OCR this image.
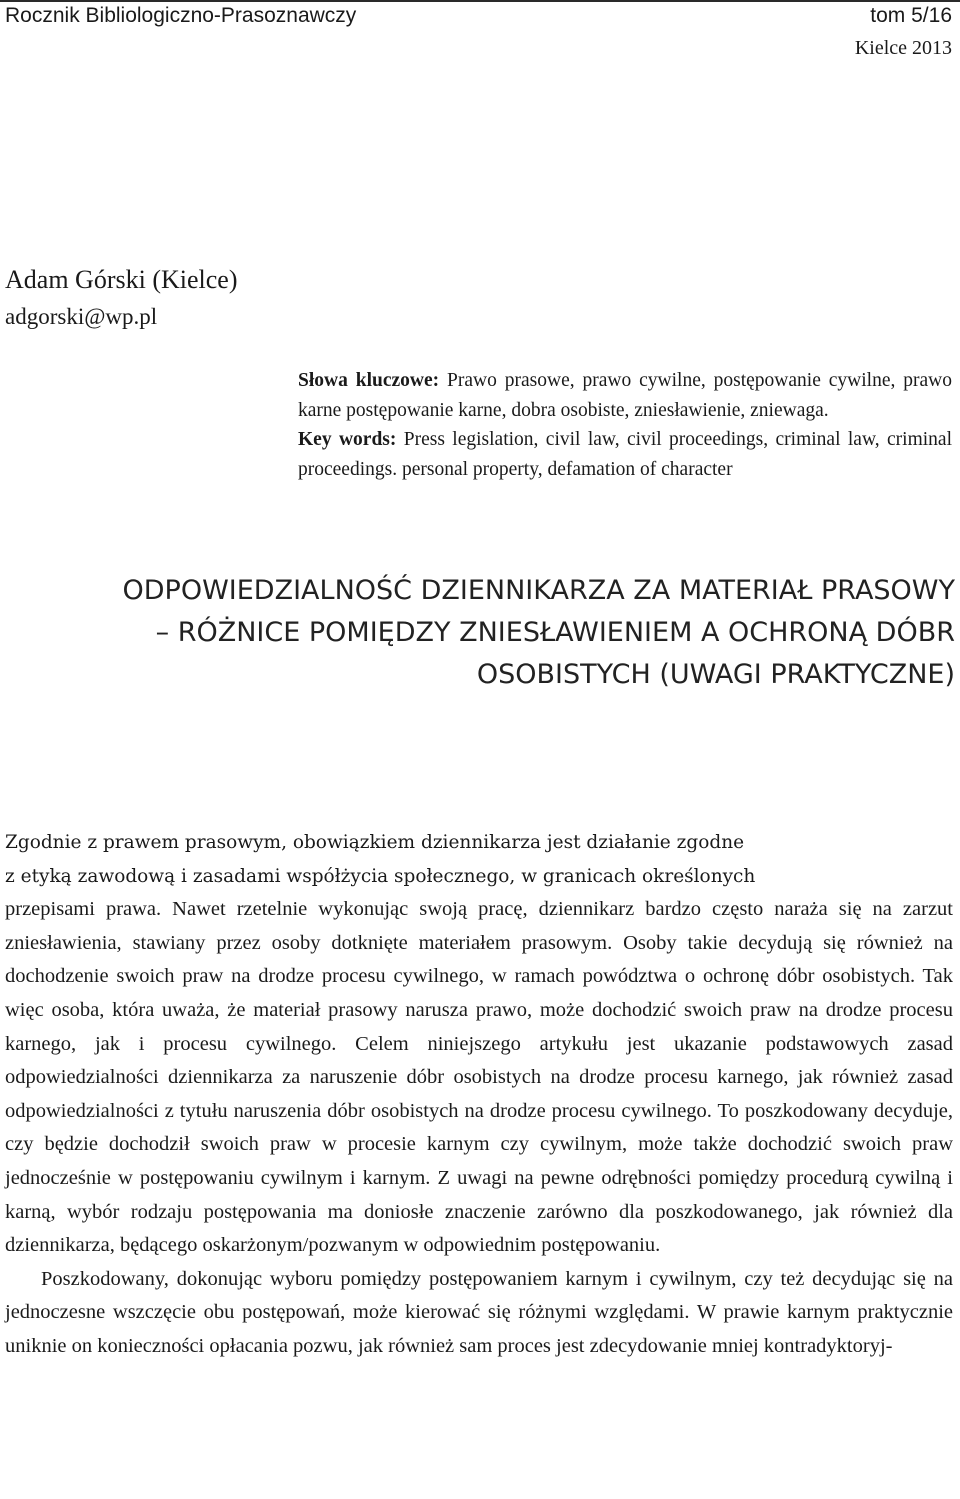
Rocznik Bibliologiczno-Prasoznawczy	tom 5/16
Kielce 2013
Adam Górski (Kielce)
adgorski@wp.pl

Słowa kluczowe: Prawo prasowe, prawo cywilne, postępowanie cywilne, prawo karne postępowanie karne, dobra osobiste, zniesławienie, zniewaga.

Key words: Press legislation, civil law, civil proceedings, criminal law, criminal proceedings. personal property, defamation of character

ODPOWIEDZIALNOŚĆ DZIENNIKARZA ZA MATERIAŁ PRASOWY
– RÓŻNICE POMIĘDZY ZNIESŁAWIENIEM A OCHRONĄ DÓBR
OSOBISTYCH (UWAGI PRAKTYCZNE)

Zgodnie z prawem prasowym, obowiązkiem dziennikarza jest działanie zgodne
z etyką zawodową i zasadami współżycia społecznego, w granicach określonych

przepisami prawa. Nawet rzetelnie wykonując swoją pracę, dziennikarz bardzo często naraża się na zarzut zniesławienia, stawiany przez osoby dotknięte materiałem prasowym. Osoby takie decydują się również na dochodzenie swoich praw na drodze procesu cywilnego, w ramach powództwa o ochronę dóbr osobistych. Tak więc osoba, która uważa, że materiał prasowy narusza prawo, może dochodzić swoich praw na drodze procesu karnego, jak i procesu cywilnego. Celem niniejszego artykułu jest ukazanie podstawowych zasad odpowiedzialności dziennikarza za naruszenie dóbr osobistych na drodze procesu karnego, jak również zasad odpowiedzialności z tytułu naruszenia dóbr osobistych na drodze procesu cywilnego. To poszkodowany decyduje, czy będzie dochodził swoich praw w procesie karnym czy cywilnym, może także dochodzić swoich praw jednocześnie w postępowaniu cywilnym i karnym. Z uwagi na pewne odrębności pomiędzy procedurą cywilną i karną, wybór rodzaju postępowania ma doniosłe znaczenie zarówno dla poszkodowanego, jak również dla dziennikarza, będącego oskarżonym/pozwanym w odpowiednim postępowaniu.

Poszkodowany, dokonując wyboru pomiędzy postępowaniem karnym i cywilnym, czy też decydując się na jednoczesne wszczęcie obu postępowań, może kierować się różnymi względami. W prawie karnym praktycznie uniknie on konieczności opłacania pozwu, jak również sam proces jest zdecydowanie mniej kontradyktoryj-
